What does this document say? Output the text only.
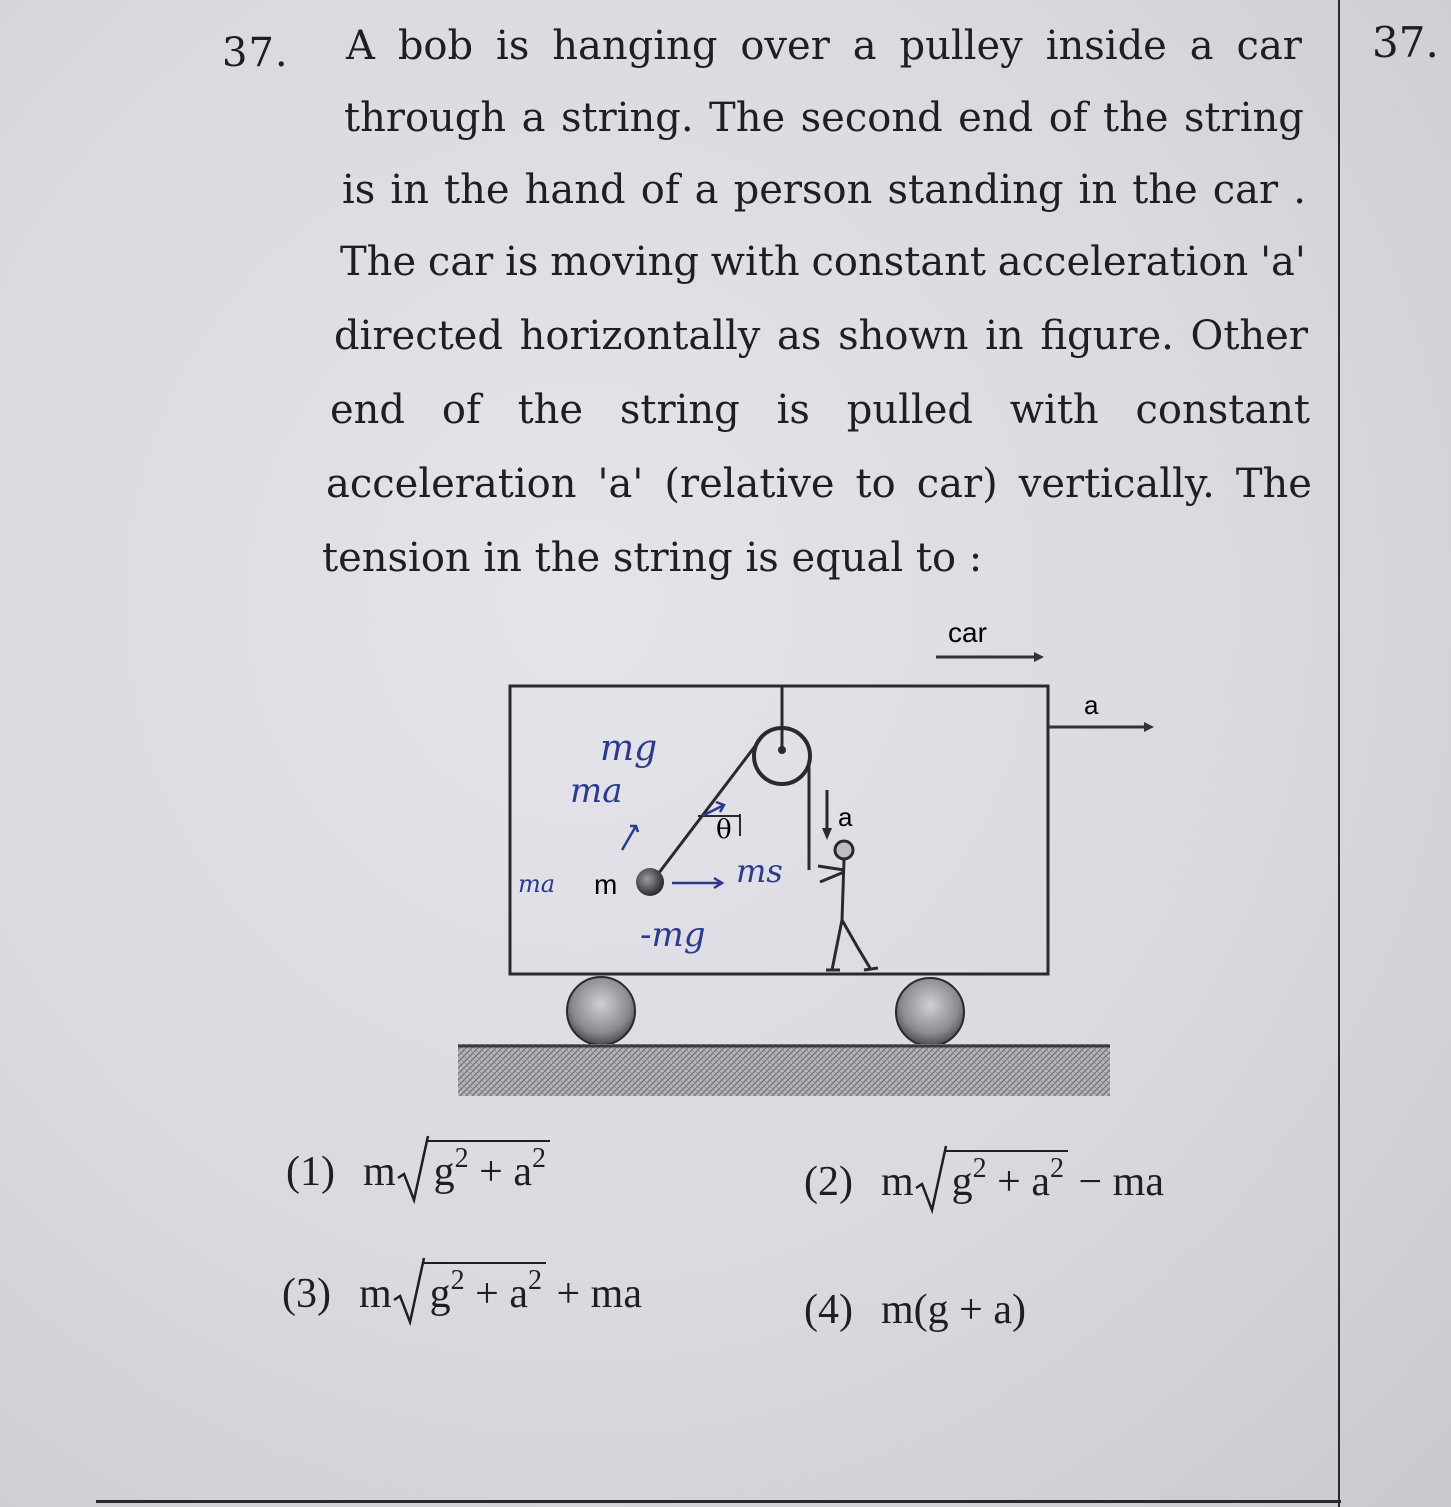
37.	37.
A bob is hanging over a pulley inside a car
through a string. The second end of the string
is in the hand of a person standing in the car .
The car is moving with constant acceleration 'a'
directed horizontally as shown in figure. Other
end of the string is pulled with constant
acceleration 'a' (relative to car) vertically. The
tension in the string is equal to :
car
a
θ	a
m
mg
ma
ma
-mg
ms
(1) m $g^2 + a^2$
(2) m $g^2 + a^2$ − ma
(3) m $g^2 + a^2$ + ma	(4) m(g + a)
